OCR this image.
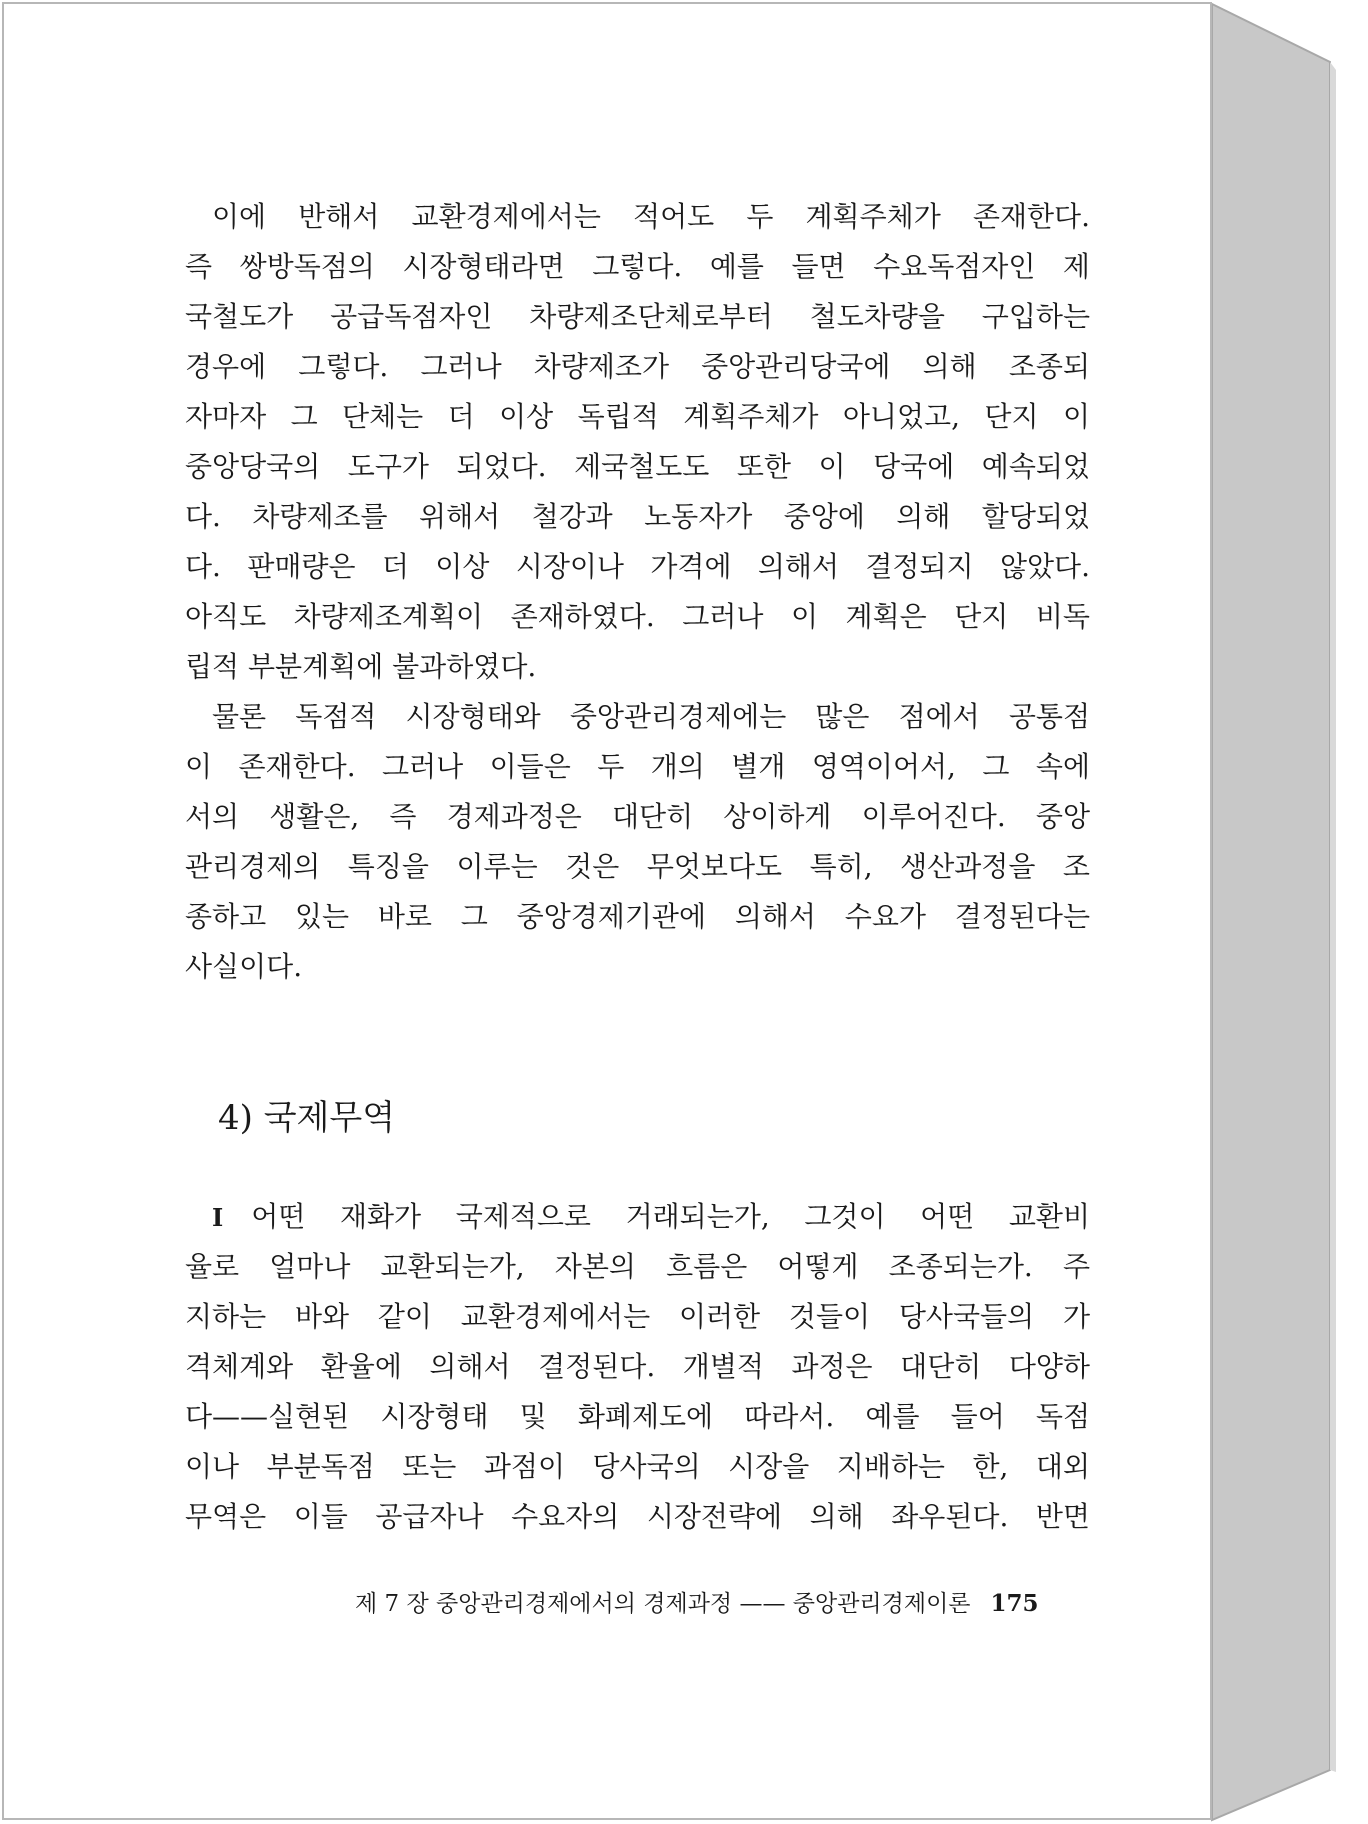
이에 반해서 교환경제에서는 적어도 두 계획주체가 존재한다.
즉 쌍방독점의 시장형태라면 그렇다. 예를 들면 수요독점자인 제
국철도가 공급독점자인 차량제조단체로부터 철도차량을 구입하는
경우에 그렇다. 그러나 차량제조가 중앙관리당국에 의해 조종되
자마자 그 단체는 더 이상 독립적 계획주체가 아니었고, 단지 이
중앙당국의 도구가 되었다. 제국철도도 또한 이 당국에 예속되었
다. 차량제조를 위해서 철강과 노동자가 중앙에 의해 할당되었
다. 판매량은 더 이상 시장이나 가격에 의해서 결정되지 않았다.
아직도 차량제조계획이 존재하였다. 그러나 이 계획은 단지 비독
립적 부분계획에 불과하였다.
물론 독점적 시장형태와 중앙관리경제에는 많은 점에서 공통점
이 존재한다. 그러나 이들은 두 개의 별개 영역이어서, 그 속에
서의 생활은, 즉 경제과정은 대단히 상이하게 이루어진다. 중앙
관리경제의 특징을 이루는 것은 무엇보다도 특히, 생산과정을 조
종하고 있는 바로 그 중앙경제기관에 의해서 수요가 결정된다는
사실이다.
4) 국제무역
I 어떤 재화가 국제적으로 거래되는가, 그것이 어떤 교환비
율로 얼마나 교환되는가, 자본의 흐름은 어떻게 조종되는가. 주
지하는 바와 같이 교환경제에서는 이러한 것들이 당사국들의 가
격체계와 환율에 의해서 결정된다. 개별적 과정은 대단히 다양하
다——실현된 시장형태 및 화폐제도에 따라서. 예를 들어 독점
이나 부분독점 또는 과점이 당사국의 시장을 지배하는 한, 대외
무역은 이들 공급자나 수요자의 시장전략에 의해 좌우된다. 반면
제 7 장 중앙관리경제에서의 경제과정 —— 중앙관리경제이론 175
